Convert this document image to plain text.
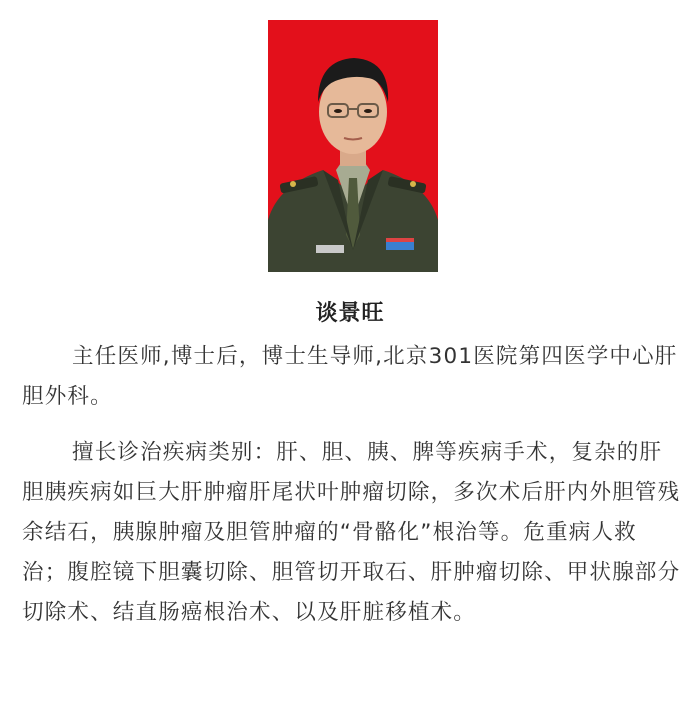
谈景旺

主任医师,博士后，博士生导师,北京301医院第四医学中心肝胆外科。

擅长诊治疾病类别：肝、胆、胰、脾等疾病手术，复杂的肝胆胰疾病如巨大肝肿瘤肝尾状叶肿瘤切除，多次术后肝内外胆管残余结石，胰腺肿瘤及胆管肿瘤的“骨骼化”根治等。危重病人救治；腹腔镜下胆囊切除、胆管切开取石、肝肿瘤切除、甲状腺部分切除术、结直肠癌根治术、以及肝脏移植术。
